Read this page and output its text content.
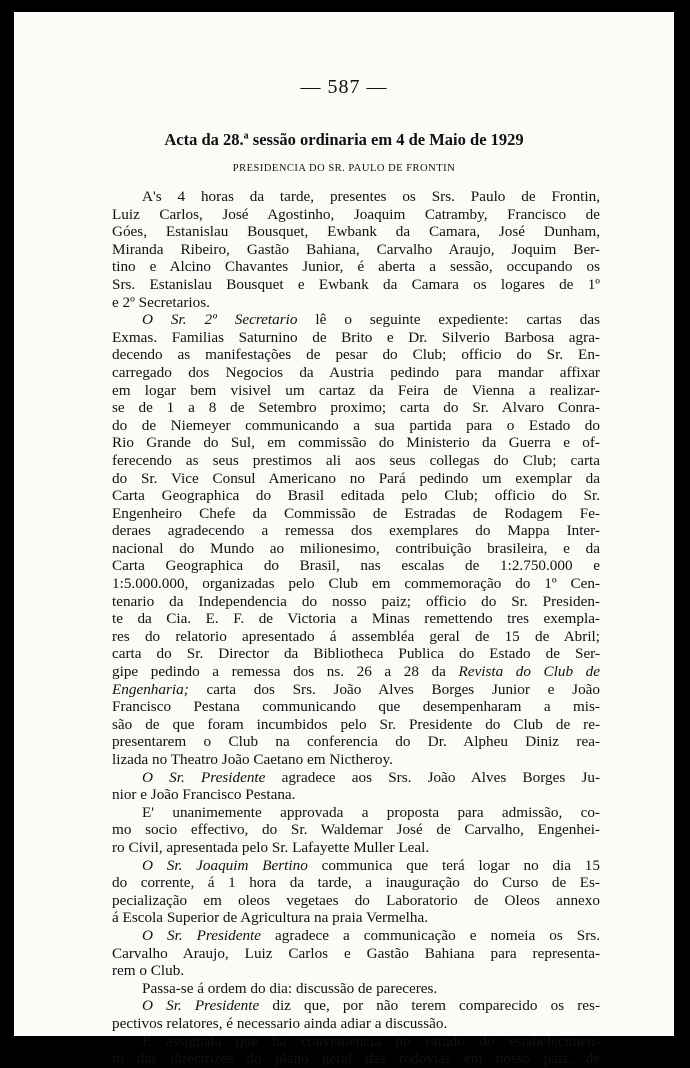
— 587 —
Acta da 28.$^a$ sessão ordinaria em 4 de Maio de 1929
PRESIDENCIA DO SR. PAULO DE FRONTIN
A's 4 horas da tarde, presentes os Srs. Paulo de Frontin,
Luiz Carlos, José Agostinho, Joaquim Catramby, Francisco de
Góes, Estanislau Bousquet, Ewbank da Camara, José Dunham,
Miranda Ribeiro, Gastão Bahiana, Carvalho Araujo, Joquim Ber-
tino e Alcino Chavantes Junior, é aberta a sessão, occupando os
Srs. Estanislau Bousquet e Ewbank da Camara os logares de 1º
e 2º Secretarios.
O Sr. 2º Secretario lê o seguinte expediente: cartas das
Exmas. Familias Saturnino de Brito e Dr. Silverio Barbosa agra-
decendo as manifestações de pesar do Club; officio do Sr. En-
carregado dos Negocios da Austria pedindo para mandar affixar
em logar bem visivel um cartaz da Feira de Vienna a realizar-
se de 1 a 8 de Setembro proximo; carta do Sr. Alvaro Conra-
do de Niemeyer communicando a sua partida para o Estado do
Rio Grande do Sul, em commissão do Ministerio da Guerra e of-
ferecendo as seus prestimos ali aos seus collegas do Club; carta
do Sr. Vice Consul Americano no Pará pedindo um exemplar da
Carta Geographica do Brasil editada pelo Club; officio do Sr.
Engenheiro Chefe da Commissão de Estradas de Rodagem Fe-
deraes agradecendo a remessa dos exemplares do Mappa Inter-
nacional do Mundo ao milionesimo, contribuição brasileira, e da
Carta Geographica do Brasil, nas escalas de 1:2.750.000 e
1:5.000.000, organizadas pelo Club em commemoração do 1º Cen-
tenario da Independencia do nosso paiz; officio do Sr. Presiden-
te da Cia. E. F. de Victoria a Minas remettendo tres exempla-
res do relatorio apresentado á assembléa geral de 15 de Abril;
carta do Sr. Director da Bibliotheca Publica do Estado de Ser-
gipe pedindo a remessa dos ns. 26 a 28 da Revista do Club de
Engenharia; carta dos Srs. João Alves Borges Junior e João
Francisco Pestana communicando que desempenharam a mis-
são de que foram incumbidos pelo Sr. Presidente do Club de re-
presentarem o Club na conferencia do Dr. Alpheu Diniz rea-
lizada no Theatro João Caetano em Nictheroy.
O Sr. Presidente agradece aos Srs. João Alves Borges Ju-
nior e João Francisco Pestana.
E' unanimemente approvada a proposta para admissão, co-
mo socio effectivo, do Sr. Waldemar José de Carvalho, Engenhei-
ro Civil, apresentada pelo Sr. Lafayette Muller Leal.
O Sr. Joaquim Bertino communica que terá logar no dia 15
do corrente, á 1 hora da tarde, a inauguração do Curso de Es-
pecialização em oleos vegetaes do Laboratorio de Oleos annexo
á Escola Superior de Agricultura na praia Vermelha.
O Sr. Presidente agradece a communicação e nomeia os Srs.
Carvalho Araujo, Luiz Carlos e Gastão Bahiana para representa-
rem o Club.
Passa-se á ordem do dia: discussão de pareceres.
O Sr. Presidente diz que, por não terem comparecido os res-
pectivos relatores, é necessario ainda adiar a discussão.
E assignala que ha conveniencia no estudo do estabelecimen-
to das directrizes do plano geral das rodovias em nosso paiz, de
